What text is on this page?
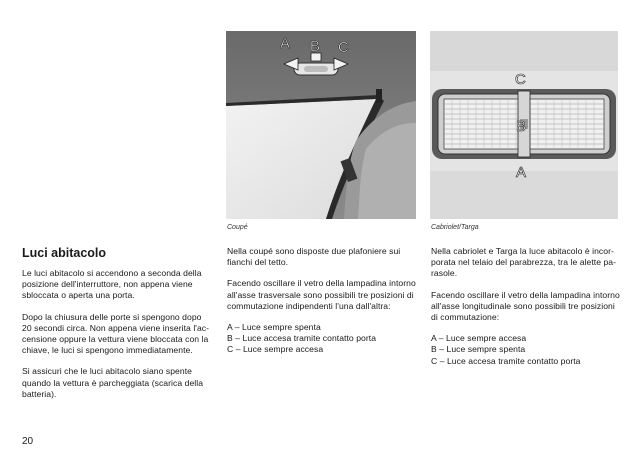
Luci abitacolo

Le luci abitacolo si accendono a seconda della
posizione dell'interruttore, non appena viene
sbloccata o aperta una porta.

Dopo la chiusura delle porte si spengono dopo
20 secondi circa. Non appena viene inserita l'ac-
censione oppure la vettura viene bloccata con la
chiave, le luci si spengono immediatamente.

Si assicuri che le luci abitacolo siano spente
quando la vettura è parcheggiata (scarica della
batteria).

20
A B C
Coupé

Nella coupé sono disposte due plafoniere sui
fianchi del tetto.

Facendo oscillare il vetro della lampadina intorno
all'asse trasversale sono possibili tre posizioni di
commutazione indipendenti l'una dall'altra:

A – Luce sempre spenta
B – Luce accesa tramite contatto porta
C – Luce sempre accesa
C
B
A
Cabriolet/Targa

Nella cabriolet e Targa la luce abitacolo è incor-
porata nel telaio del parabrezza, tra le alette pa-
rasole.

Facendo oscillare il vetro della lampadina intorno
all'asse longitudinale sono possibili tre posizioni
di commutazione:

A – Luce sempre accesa
B – Luce sempre spenta
C – Luce accesa tramite contatto porta
